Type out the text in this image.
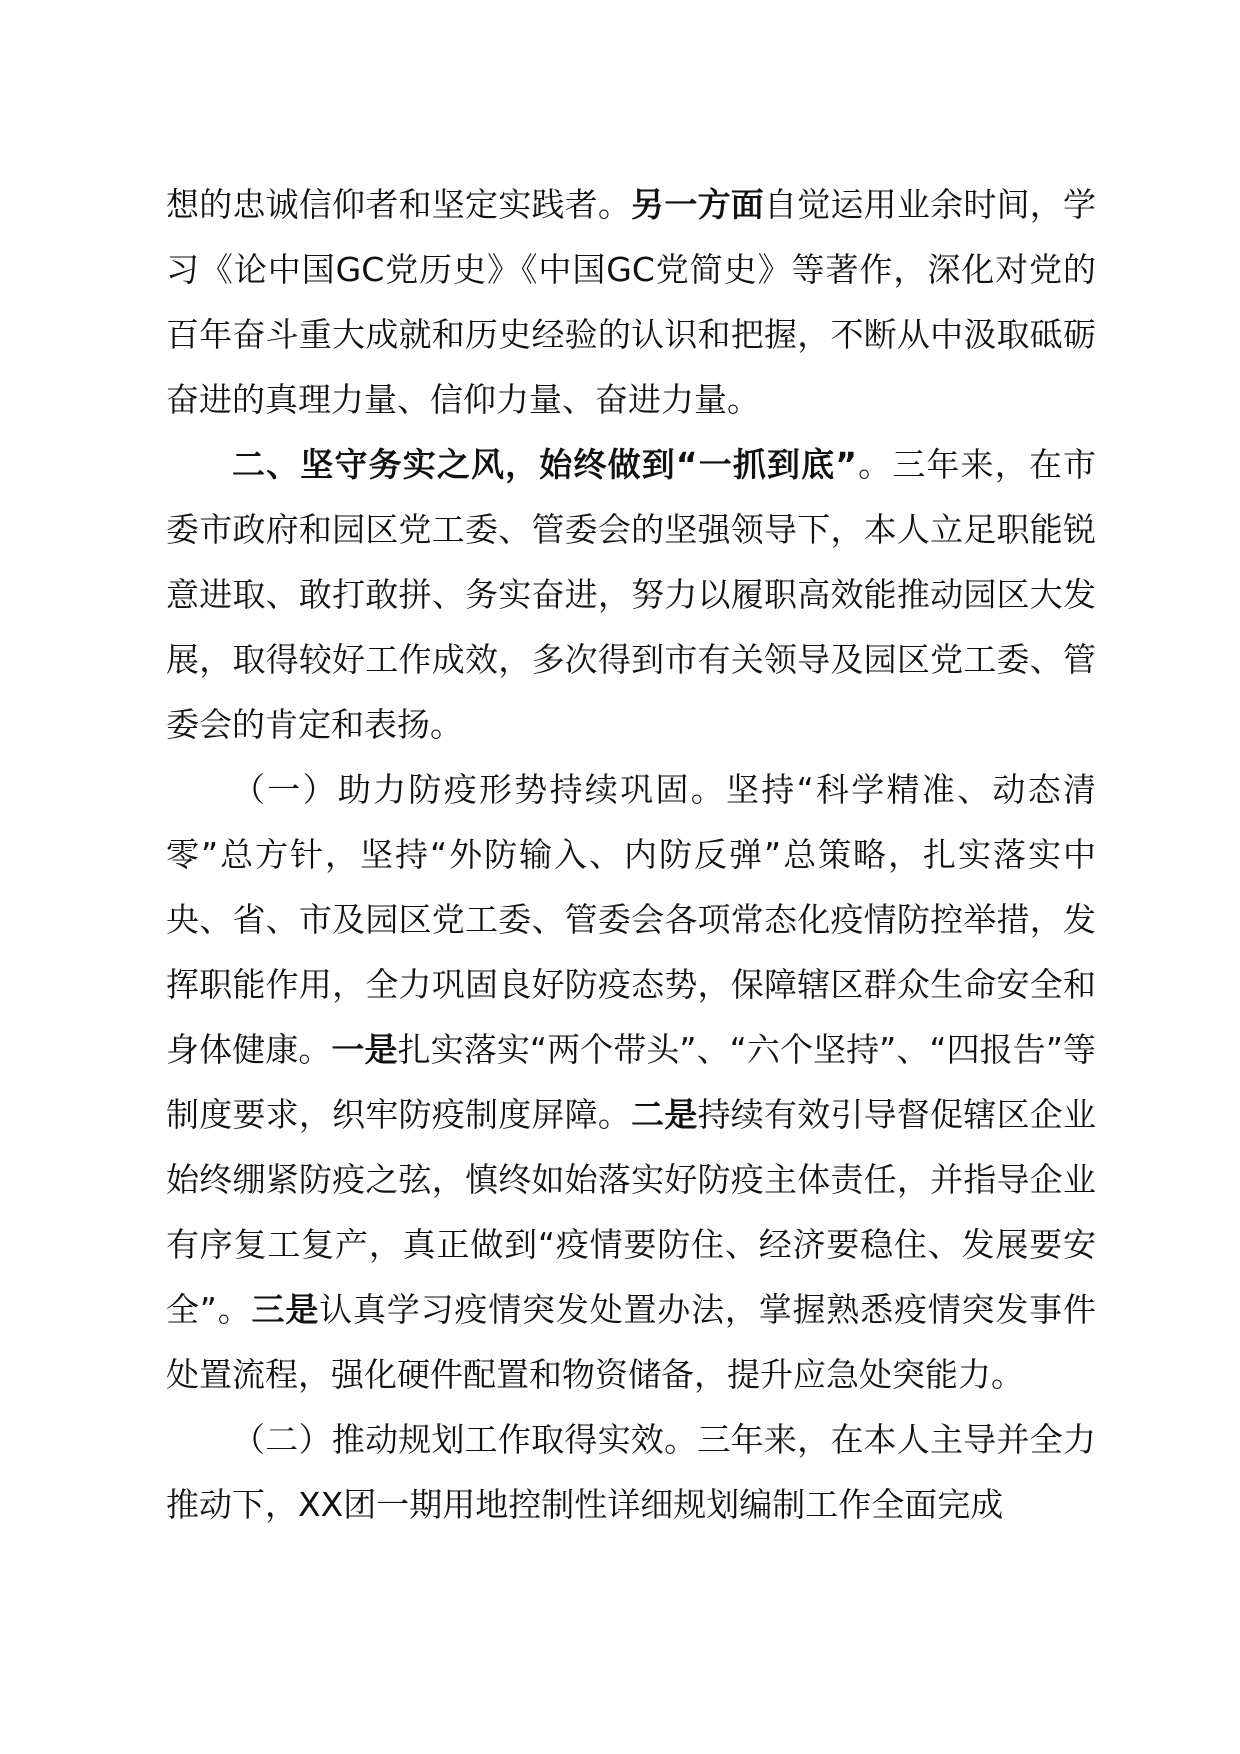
想的忠诚信仰者和坚定实践者。另一方面自觉运用业余时间，学习《论中国GC党历史》《中国GC党简史》等著作，深化对党的百年奋斗重大成就和历史经验的认识和把握，不断从中汲取砥砺奋进的真理力量、信仰力量、奋进力量。

二、坚守务实之风，始终做到“一抓到底”。三年来，在市委市政府和园区党工委、管委会的坚强领导下，本人立足职能锐意进取、敢打敢拼、务实奋进，努力以履职高效能推动园区大发展，取得较好工作成效，多次得到市有关领导及园区党工委、管委会的肯定和表扬。

（一）助力防疫形势持续巩固。坚持“科学精准、动态清零”总方针，坚持“外防输入、内防反弹”总策略，扎实落实中央、省、市及园区党工委、管委会各项常态化疫情防控举措，发挥职能作用，全力巩固良好防疫态势，保障辖区群众生命安全和身体健康。一是扎实落实“两个带头”、“六个坚持”、“四报告”等制度要求，织牢防疫制度屏障。二是持续有效引导督促辖区企业始终绷紧防疫之弦，慎终如始落实好防疫主体责任，并指导企业有序复工复产，真正做到“疫情要防住、经济要稳住、发展要安全”。三是认真学习疫情突发处置办法，掌握熟悉疫情突发事件处置流程，强化硬件配置和物资储备，提升应急处突能力。

（二）推动规划工作取得实效。三年来，在本人主导并全力推动下，XX团一期用地控制性详细规划编制工作全面完成
